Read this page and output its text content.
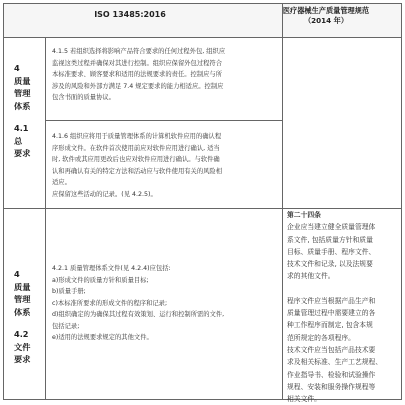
ISO 13485:2016	医疗器械生产质量管理规范
（2014 年）
4
质量
管理
体系
4.1
总
要求
4.1.5 若组织选择将影响产品符合要求的任何过程外包, 组织应
监视这类过程并确保对其进行控制。组织应保留外包过程符合
本标准要求、顾客要求和适用的法规要求的责任。控制应与所
涉及的风险和外部方满足 7.4 规定要求的能力相适应。控制应
包含书面的质量协议。
4.1.6 组织应将用于质量管理体系的计算机软件应用的确认程
序形成文件。在软件首次使用前应对软件应用进行确认, 适当
时, 软件或其应用更改后也应对软件应用进行确认。与软件确
认和再确认有关的特定方法和活动应与软件使用有关的风险相
适应。
应保留这些活动的记录。(见 4.2.5)。
4
质量
管理
体系
4.2
文件
要求
4.2.1 质量管理体系文件(见 4.2.4)应包括:
a)形成文件的质量方针和质量目标;
b)质量手册;
c)本标准所要求的形成文件的程序和记录;
d)组织确定的为确保其过程有效策划、运行和控制所需的文件,
包括记录;
e)适用的法规要求规定的其他文件。
第二十四条
企业应当建立健全质量管理体
系文件, 包括质量方针和质量
目标、质量手册、程序文件、
技术文件和记录, 以及法规要
求的其他文件。
程序文件应当根据产品生产和
质量管理过程中需要建立的各
种工作程序而制定, 包含本规
范所规定的各项程序。
技术文件应当包括产品技术要
求及相关标准、生产工艺规程、
作业指导书、检验和试验操作
规程、安装和服务操作规程等
相关文件。
